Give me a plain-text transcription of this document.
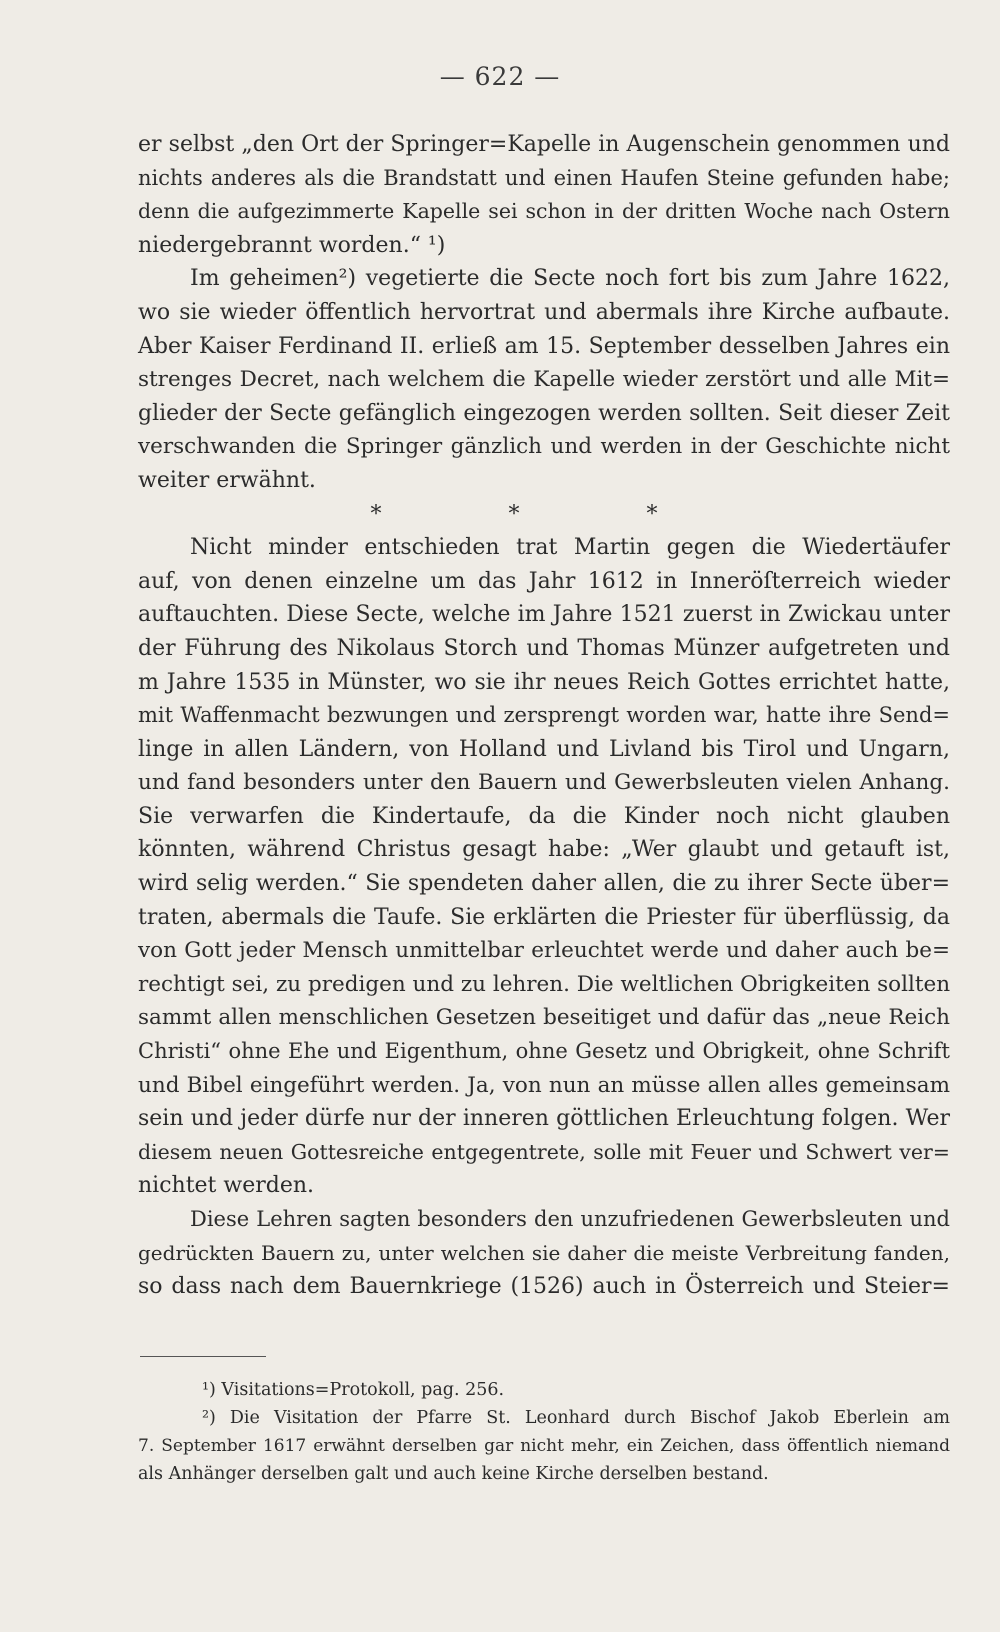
— 622 —
er selbst „den Ort der Springer=Kapelle in Augenschein genommen und
nichts anderes als die Brandstatt und einen Haufen Steine gefunden habe;
denn die aufgezimmerte Kapelle sei schon in der dritten Woche nach Ostern
niedergebrannt worden.“ ¹)
Im geheimen²) vegetierte die Secte noch fort bis zum Jahre 1622,
wo sie wieder öffentlich hervortrat und abermals ihre Kirche aufbaute.
Aber Kaiser Ferdinand II. erließ am 15. September desselben Jahres ein
strenges Decret, nach welchem die Kapelle wieder zerstört und alle Mit=
glieder der Secte gefänglich eingezogen werden sollten. Seit dieser Zeit
verschwanden die Springer gänzlich und werden in der Geschichte nicht
weiter erwähnt.
* * *
Nicht minder entschieden trat Martin gegen die Wiedertäufer
auf, von denen einzelne um das Jahr 1612 in Inneröſterreich wieder
auftauchten. Diese Secte, welche im Jahre 1521 zuerst in Zwickau unter
der Führung des Nikolaus Storch und Thomas Münzer aufgetreten und
m Jahre 1535 in Münster, wo sie ihr neues Reich Gottes errichtet hatte,
mit Waffenmacht bezwungen und zersprengt worden war, hatte ihre Send=
linge in allen Ländern, von Holland und Livland bis Tirol und Ungarn,
und fand besonders unter den Bauern und Gewerbsleuten vielen Anhang.
Sie verwarfen die Kindertaufe, da die Kinder noch nicht glauben
könnten, während Christus gesagt habe: „Wer glaubt und getauft ist,
wird selig werden.“ Sie spendeten daher allen, die zu ihrer Secte über=
traten, abermals die Taufe. Sie erklärten die Priester für überflüssig, da
von Gott jeder Mensch unmittelbar erleuchtet werde und daher auch be=
rechtigt sei, zu predigen und zu lehren. Die weltlichen Obrigkeiten sollten
sammt allen menschlichen Gesetzen beseitiget und dafür das „neue Reich
Christi“ ohne Ehe und Eigenthum, ohne Gesetz und Obrigkeit, ohne Schrift
und Bibel eingeführt werden. Ja, von nun an müsse allen alles gemeinsam
sein und jeder dürfe nur der inneren göttlichen Erleuchtung folgen. Wer
diesem neuen Gottesreiche entgegentrete, solle mit Feuer und Schwert ver=
nichtet werden.
Diese Lehren sagten besonders den unzufriedenen Gewerbsleuten und
gedrückten Bauern zu, unter welchen sie daher die meiste Verbreitung fanden,
so dass nach dem Bauernkriege (1526) auch in Österreich und Steier=
¹) Visitations=Protokoll, pag. 256.
²) Die Visitation der Pfarre St. Leonhard durch Bischof Jakob Eberlein am
7. September 1617 erwähnt derselben gar nicht mehr, ein Zeichen, dass öffentlich niemand
als Anhänger derselben galt und auch keine Kirche derselben bestand.
